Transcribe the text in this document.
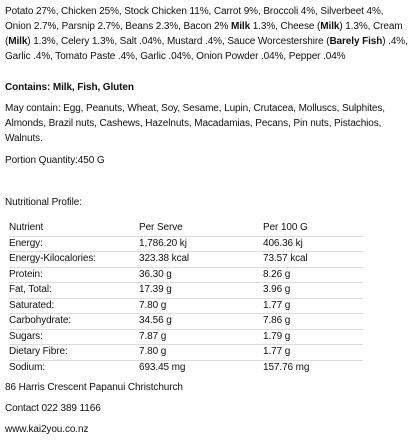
Potato 27%, Chicken 25%, Stock Chicken 11%, Carrot 9%, Broccoli 4%, Silverbeet 4%, Onion 2.7%, Parsnip 2.7%, Beans 2.3%, Bacon 2% Milk 1.3%, Cheese (Milk) 1.3%, Cream (Milk) 1.3%, Celery 1.3%, Salt .04%, Mustard .4%, Sauce Worcestershire (Barely Fish) .4%, Garlic .4%, Tomato Paste .4%, Garlic .04%, Onion Powder .04%, Pepper .04%
Contains: Milk, Fish, Gluten
May contain: Egg, Peanuts, Wheat, Soy, Sesame, Lupin, Crutacea, Molluscs, Sulphites, Almonds, Brazil nuts, Cashews, Hazelnuts, Macadamias, Pecans, Pin nuts, Pistachios, Walnuts.
Portion Quantity:450 G
Nutritional Profile:
Nutrient	Per Serve	Per 100 G
Energy:	1,786.20 kj	406.36 kj
Energy-Kilocalories:	323.38 kcal	73.57 kcal
Protein:	36.30 g	8.26 g
Fat, Total:	17.39 g	3.96 g
Saturated:	7.80 g	1.77 g
Carbohydrate:	34.56 g	7.86 g
Sugars:	7.87 g	1.79 g
Dietary Fibre:	7.80 g	1.77 g
Sodium:	693.45 mg	157.76 mg
86 Harris Crescent Papanui Christchurch
Contact 022 389 1166
www.kai2you.co.nz
